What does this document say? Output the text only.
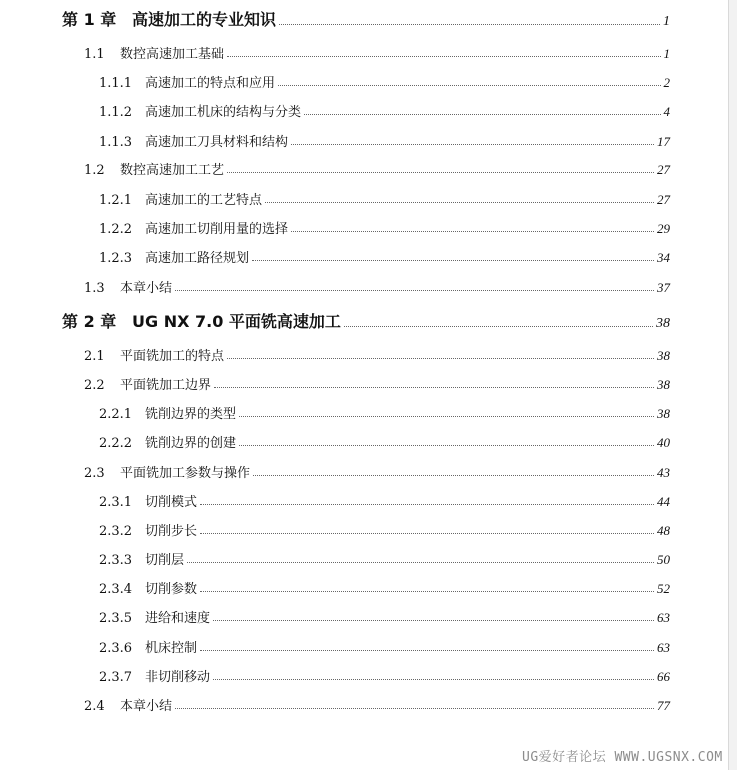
第 1 章 高速加工的专业知识	1
1.1	数控高速加工基础	1
1.1.1 高速加工的特点和应用	2
1.1.2 高速加工机床的结构与分类	4
1.1.3 高速加工刀具材料和结构	17
1.2	数控高速加工工艺	27
1.2.1 高速加工的工艺特点	27
1.2.2 高速加工切削用量的选择	29
1.2.3 高速加工路径规划	34
1.3	本章小结	37
第 2 章 UG NX 7.0 平面铣高速加工	38
2.1	平面铣加工的特点	38
2.2	平面铣加工边界	38
2.2.1 铣削边界的类型	38
2.2.2 铣削边界的创建	40
2.3	平面铣加工参数与操作	43
2.3.1 切削模式	44
2.3.2 切削步长	48
2.3.3 切削层	50
2.3.4 切削参数	52
2.3.5 进给和速度	63
2.3.6 机床控制	63
2.3.7 非切削移动	66
2.4	本章小结	77
UG爱好者论坛 WWW.UGSNX.COM
